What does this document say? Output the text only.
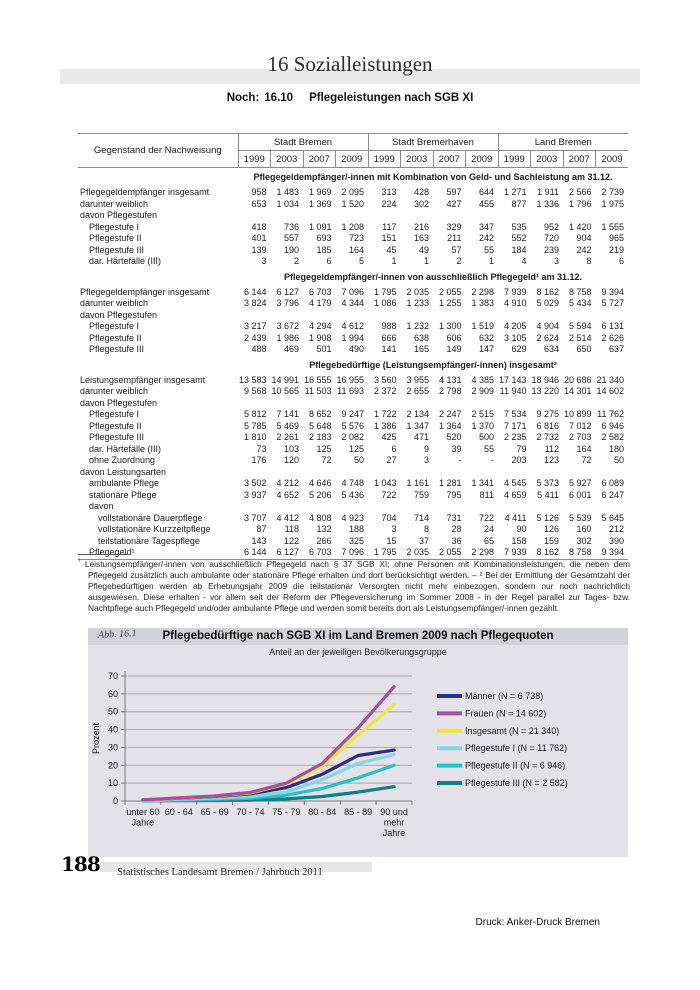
16 Sozialleistungen
Noch: 16.10 Pflegeleistungen nach SGB XI
Gegenstand der Nachweisung	Stadt Bremen				Stadt Bremerhaven				Land Bremen			
	1999	2003	2007	2009	1999	2003	2007	2009	1999	2003	2007	2009
	Pflegegeldempfänger/-innen mit Kombination von Geld- und Sachleistung am 31.12.											
Pflegegeldempfänger insgesamt	958	1 483	1 969	2 095	313	428	597	644	1 271	1 911	2 566	2 739
darunter weiblich	653	1 034	1 369	1 520	224	302	427	455	877	1 336	1 796	1 975
davon Pflegestufen												
Pflegestufe I	418	736	1 091	1 208	117	216	329	347	535	952	1 420	1 555
Pflegestufe II	401	557	693	723	151	163	211	242	552	720	904	965
Pflegestufe III	139	190	185	164	45	49	57	55	184	239	242	219
dar. Härtefälle (III)	3	2	6	5	1	1	2	1	4	3	8	6
	Pflegegeldempfänger/-innen von ausschließlich Pflegegeld¹ am 31.12.											
Pflegegeldempfänger insgesamt	6 144	6 127	6 703	7 096	1 795	2 035	2 055	2 298	7 939	8 162	8 758	9 394
darunter weiblich	3 824	3 796	4 179	4 344	1 086	1 233	1 255	1 383	4 910	5 029	5 434	5 727
davon Pflegestufen												
Pflegestufe I	3 217	3 672	4 294	4 612	988	1 232	1 300	1 519	4 205	4 904	5 594	6 131
Pflegestufe II	2 439	1 986	1 908	1 994	666	638	606	632	3 105	2 624	2 514	2 626
Pflegestufe III	488	469	501	490	141	165	149	147	629	634	650	637
	Pflegebedürftige (Leistungsempfänger/-innen) insgesamt²											
Leistungsempfänger insgesamt	13 583	14 991	16 555	16 955	3 560	3 955	4 131	4 385	17 143	18 946	20 686	21 340
darunter weiblich	9 568	10 565	11 503	11 693	2 372	2 655	2 798	2 909	11 940	13 220	14 301	14 602
davon Pflegestufen												
Pflegestufe I	5 812	7 141	8 652	9 247	1 722	2 134	2 247	2 515	7 534	9 275	10 899	11 762
Pflegestufe II	5 785	5 469	5 648	5 576	1 386	1 347	1 364	1 370	7 171	6 816	7 012	6 946
Pflegestufe III	1 810	2 261	2 183	2 082	425	471	520	500	2 235	2 732	2 703	2 582
dar. Härtefälle (III)	73	103	125	125	6	9	39	55	79	112	164	180
ohne Zuordnung	176	120	72	50	27	3	-	-	203	123	72	50
davon Leistungsarten												
ambulante Pflege	3 502	4 212	4 646	4 748	1 043	1 161	1 281	1 341	4 545	5 373	5 927	6 089
stationäre Pflege	3 937	4 652	5 206	5 436	722	759	795	811	4 659	5 411	6 001	6 247
davon												
vollstationäre Dauerpflege	3 707	4 412	4 808	4 923	704	714	731	722	4 411	5 126	5 539	5 645
vollstationäre Kurzzeitpflege	87	118	132	188	3	8	28	24	90	126	160	212
teilstationäre Tagespflege	143	122	266	325	15	37	36	65	158	159	302	390
Pflegegeld¹	6 144	6 127	6 703	7 096	1 795	2 035	2 055	2 298	7 939	8 162	8 758	9 394
$^{^1}$ Leistungsempfänger/-innen von ausschließlich Pflegegeld nach § 37 SGB XI; ohne Personen mit Kombinationsleistungen, die neben dem Pflegegeld zusätzlich auch ambulante oder stationäre Pflege erhalten und dort berücksichtigt werden. – ² Bei der Ermittlung der Gesamtzahl der Pflegebedürftigen werden ab Erhebungsjahr 2009 die teilstationär Versorgten nicht mehr einbezogen, sondern nur noch nachrichtlich ausgewiesen. Diese erhalten - vor allem seit der Reform der Pflegeversicherung im Sommer 2008 - in der Regel parallel zur Tages- bzw. Nachtpflege auch Pflegegeld und/oder ambulante Pflege und werden somit bereits dort als Leistungsempfänger/-innen gezählt.
Abb. 16.1	Pflegebedürftige nach SGB XI im Land Bremen 2009 nach Pflegequoten
Anteil an der jeweiligen Bevölkerungsgruppe
0
10
20
30
40
50
60
70
unter 60
Jahre
60 - 64 65 - 69 70 - 74 75 - 79 80 - 84 85 - 89 90 und
mehr
Jahre
Prozent
Männer (N = 6 738)
Frauen (N = 14 602)
Insgesamt (N = 21 340)
Pflegestufe I (N = 11 762)
Pflegestufe II (N = 6 946)
Pflegestufe III (N = 2 582)
188 Statistisches Landesamt Bremen / Jahrbuch 2011
Druck: Anker-Druck Bremen
